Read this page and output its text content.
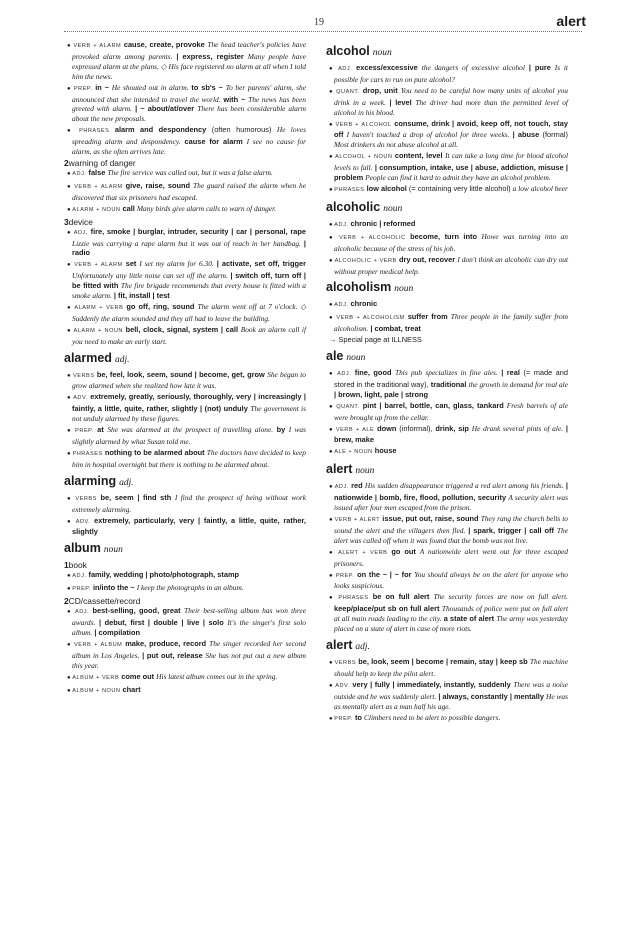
19	alert
● VERB + ALARM cause, create, provoke The head teacher's policies have provoked alarm among parents. | express, register Many people have expressed alarm at the plans. ◇ His face registered no alarm at all when I told him the news.
● PREP. in ~ He shouted out in alarm. to sb's ~ To her parents' alarm, she announced that she intended to travel the world. with ~ The news has been greeted with alarm. | ~ about/at/over There has been considerable alarm about the new proposals.
● PHRASES alarm and despondency (often humorous) He loves spreading alarm and despondency. cause for alarm I see no cause for alarm, as she often arrives late.
2warning of danger
● ADJ. false The fire service was called out, but it was a false alarm.
● VERB + ALARM give, raise, sound The guard raised the alarm when he discovered that six prisoners had escaped.
● ALARM + NOUN call Many birds give alarm calls to warn of danger.
3device
● ADJ. fire, smoke | burglar, intruder, security | car | personal, rape Lizzie was carrying a rape alarm but it was out of reach in her handbag. | radio
● VERB + ALARM set I set my alarm for 6.30. | activate, set off, trigger Unfortunately any little noise can set off the alarm. | switch off, turn off | be fitted with The fire brigade recommends that every house is fitted with a smoke alarm. | fit, install | test
● ALARM + VERB go off, ring, sound The alarm went off at 7 o'clock. ◇ Suddenly the alarm sounded and they all had to leave the building.
● ALARM + NOUN bell, clock, signal, system | call Book an alarm call if you need to make an early start.
alarmed adj.
● VERBS be, feel, look, seem, sound | become, get, grow She began to grow alarmed when she realized how late it was.
● ADV. extremely, greatly, seriously, thoroughly, very | increasingly | faintly, a little, quite, rather, slightly | (not) unduly The government is not unduly alarmed by these figures.
● PREP. at She was alarmed at the prospect of travelling alone. by I was slightly alarmed by what Susan told me.
● PHRASES nothing to be alarmed about The doctors have decided to keep him in hospital overnight but there is nothing to be alarmed about.
alarming adj.
● VERBS be, seem | find sth I find the prospect of being without work extremely alarming.
● ADV. extremely, particularly, very | faintly, a little, quite, rather, slightly
album noun
1book
● ADJ. family, wedding | photo/photograph, stamp
● PREP. in/into the ~ I keep the photographs in an album.
2CD/cassette/record
● ADJ. best-selling, good, great Their best-selling album has won three awards. | debut, first | double | live | solo It's the singer's first solo album. | compilation
● VERB + ALBUM make, produce, record The singer recorded her second album in Los Angeles. | put out, release She has not put out a new album this year.
● ALBUM + VERB come out His latest album comes out in the spring.
● ALBUM + NOUN chart
alcohol noun
● ADJ. excess/excessive the dangers of excessive alcohol | pure Is it possible for cars to run on pure alcohol?
● QUANT. drop, unit You need to be careful how many units of alcohol you drink in a week. | level The driver had more than the permitted level of alcohol in his blood.
● VERB + ALCOHOL consume, drink | avoid, keep off, not touch, stay off I haven't touched a drop of alcohol for three weeks. | abuse (formal) Most drinkers do not abuse alcohol at all.
● ALCOHOL + NOUN content, level It can take a long time for blood alcohol levels to fall. | consumption, intake, use | abuse, addiction, misuse | problem People can find it hard to admit they have an alcohol problem.
● PHRASES low alcohol (= containing very little alcohol) a low alcohol beer
alcoholic noun
● ADJ. chronic | reformed
● VERB + ALCOHOLIC become, turn into Howe was turning into an alcoholic because of the stress of his job.
● ALCOHOLIC + VERB dry out, recover I don't think an alcoholic can dry out without proper medical help.
alcoholism noun
● ADJ. chronic
● VERB + ALCOHOLISM suffer from Three people in the family suffer from alcoholism. | combat, treat
→ Special page at ILLNESS
ale noun
● ADJ. fine, good This pub specializes in fine ales. | real (= made and stored in the traditional way), traditional the growth in demand for real ale | brown, light, pale | strong
● QUANT. pint | barrel, bottle, can, glass, tankard Fresh barrels of ale were brought up from the cellar.
● VERB + ALE down (informal), drink, sip He drank several pints of ale. | brew, make
● ALE + NOUN house
alert noun
● ADJ. red His sudden disappearance triggered a red alert among his friends. | nationwide | bomb, fire, flood, pollution, security A security alert was issued after four men escaped from the prison.
● VERB + ALERT issue, put out, raise, sound They rang the church bells to sound the alert and the villagers then fled. | spark, trigger | call off The alert was called off when it was found that the bomb was not live.
● ALERT + VERB go out A nationwide alert went out for three escaped prisoners.
● PREP. on the ~ | ~ for You should always be on the alert for anyone who looks suspicious.
● PHRASES be on full alert The security forces are now on full alert. keep/place/put sb on full alert Thousands of police were put on full alert at all main roads leading to the city. a state of alert The army was yesterday placed on a state of alert in case of more riots.
alert adj.
● VERBS be, look, seem | become | remain, stay | keep sb The machine should help to keep the pilot alert.
● ADV. very | fully | immediately, instantly, suddenly There was a noise outside and he was suddenly alert. | always, constantly | mentally He was as mentally alert as a man half his age.
● PREP. to Climbers need to be alert to possible dangers.
